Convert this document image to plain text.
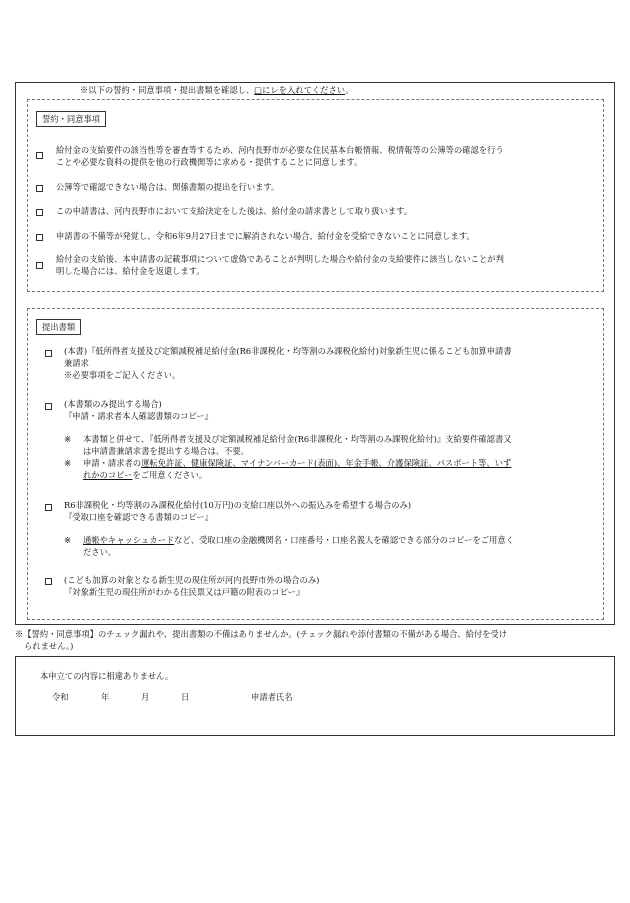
※以下の誓約・同意事項・提出書類を確認し、□にレを入れてください。
誓約・同意事項
給付金の支給要件の該当性等を審査等するため、河内長野市が必要な住民基本台帳情報、税情報等の公簿等の確認を行う
ことや必要な資料の提供を他の行政機関等に求める・提供することに同意します。
公簿等で確認できない場合は、関係書類の提出を行います。
この申請書は、河内長野市において支給決定をした後は、給付金の請求書として取り扱います。
申請書の不備等が発覚し、令和6年9月27日までに解消されない場合、給付金を受給できないことに同意します。
給付金の支給後、本申請書の記載事項について虚偽であることが判明した場合や給付金の支給要件に該当しないことが判
明した場合には、給付金を返還します。
提出書類
(本書)『低所得者支援及び定額減税補足給付金(R6非課税化・均等割のみ課税化給付)対象新生児に係るこども加算申請書
兼請求
※必要事項をご記入ください。
(本書類のみ提出する場合)
『申請・請求者本人確認書類のコピー』
※ 本書類と併せて、『低所得者支援及び定額減税補足給付金(R6非課税化・均等割のみ課税化給付)』支給要件確認書又
は申請書兼請求書を提出する場合は、不要。
※ 申請・請求者の運転免許証、健康保険証、マイナンバーカード(表面)、年金手帳、介護保険証、パスポート等、いず
れかのコピーをご用意ください。
R6非課税化・均等割のみ課税化給付(10万円)の支給口座以外への振込みを希望する場合のみ)
『受取口座を確認できる書類のコピー』
※ 通帳やキャッシュカードなど、受取口座の金融機関名・口座番号・口座名義人を確認できる部分のコピーをご用意く
ださい。
(こども加算の対象となる新生児の現住所が河内長野市外の場合のみ)
『対象新生児の現住所がわかる住民票又は戸籍の附表のコピー』
※【誓約・同意事項】のチェック漏れや、提出書類の不備はありませんか。(チェック漏れや添付書類の不備がある場合、給付を受け
られません。)
本申立ての内容に相違ありません。
令和	年	月	日	申請者氏名
